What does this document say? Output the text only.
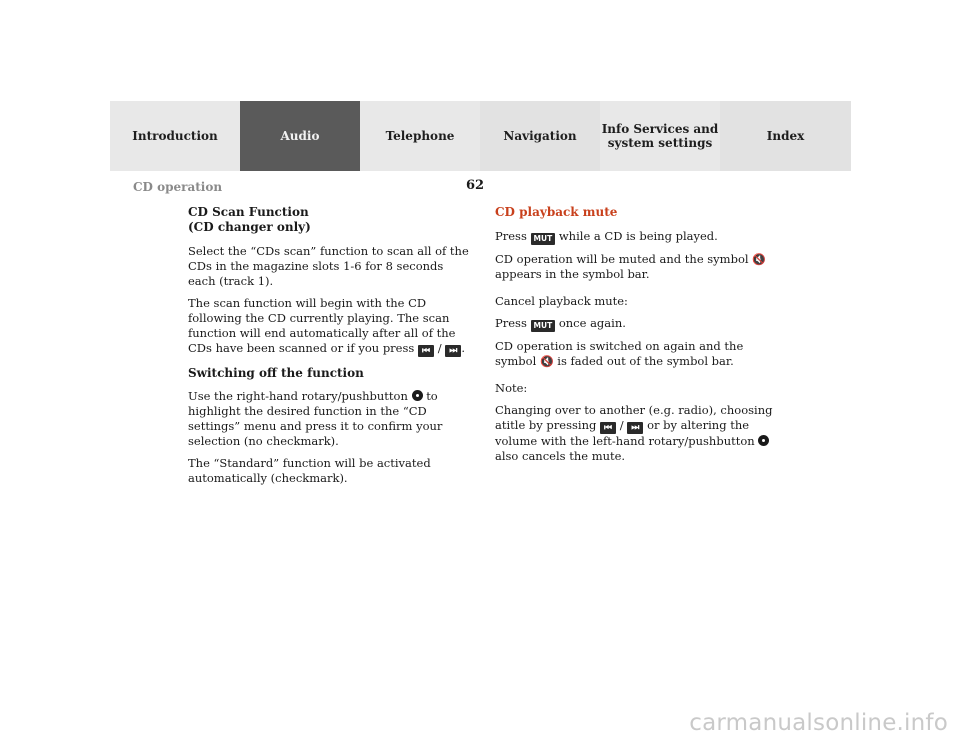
Introduction	Audio	Telephone	Navigation Info Services and
system settings	Index
CD operation	62
CD Scan Function
(CD changer only)

Select the “CDs scan” function to scan all of the CDs in the magazine slots 1-6 for 8 seconds each (track 1).

The scan function will begin with the CD following the CD currently playing. The scan function will end automatically after all of the CDs have been scanned or if you press ⏮ / ⏭ .

Switching off the function

Use the right-hand rotary/pushbutton to highlight the desired function in the “CD settings” menu and press it to confirm your selection (no checkmark).

The “Standard” function will be activated automatically (checkmark).

CD playback mute

Press MUT while a CD is being played.

CD operation will be muted and the symbol 🔇 appears in the symbol bar.

Cancel playback mute:

Press MUT once again.

CD operation is switched on again and the symbol 🔇 is faded out of the symbol bar.

Note:

Changing over to another (e.g. radio), choosing atitle by pressing ⏮ / ⏭ or by altering the volume with the left-hand rotary/pushbutton  also cancels the mute.

carmanualsonline.info
